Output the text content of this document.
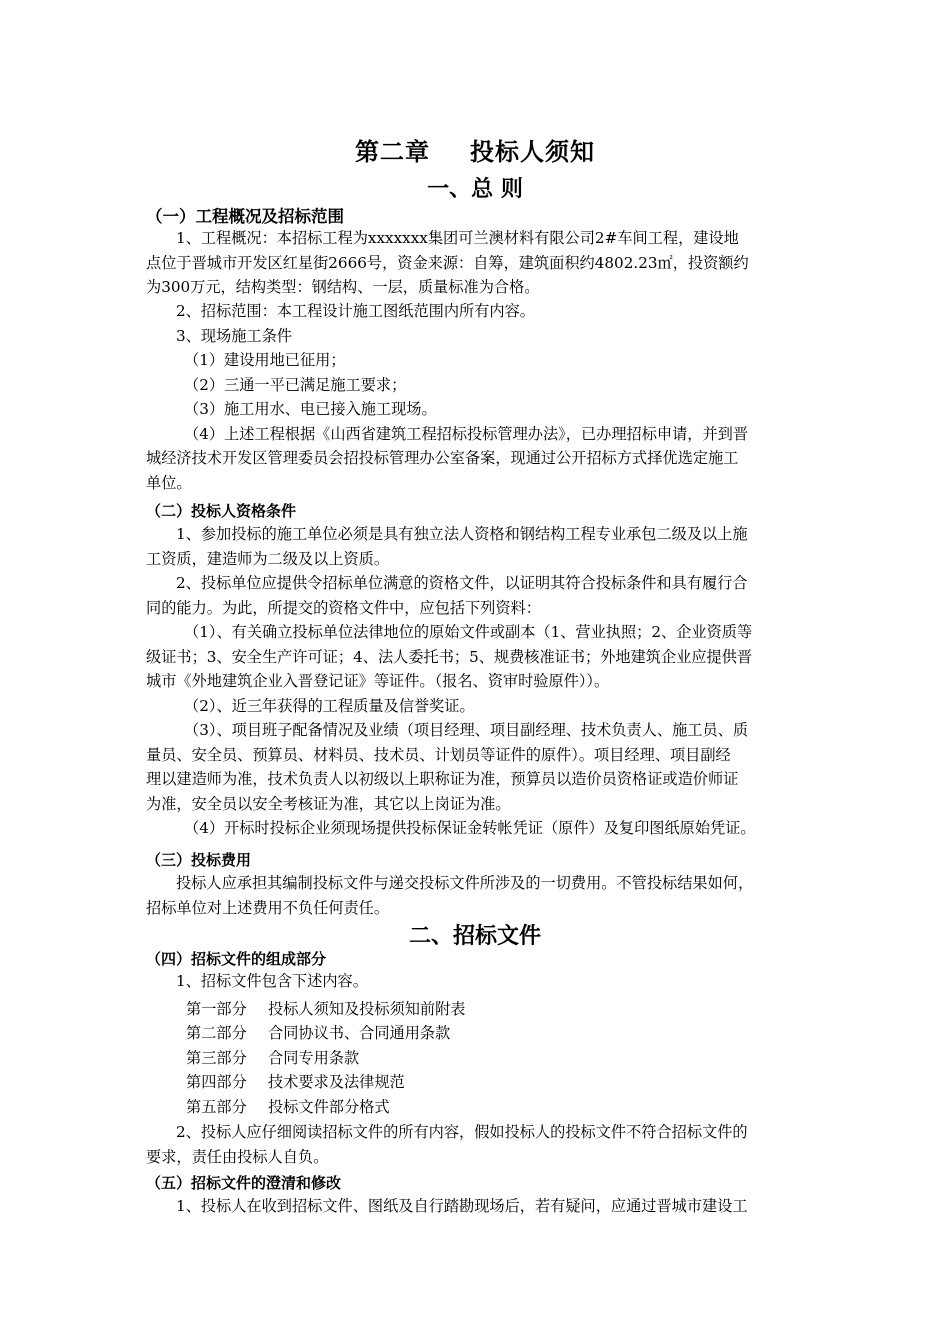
第二章 投标人须知
一、总 则
（一）工程概况及招标范围
1、工程概况：本招标工程为xxxxxxx集团可兰澳材料有限公司2#车间工程，建设地
点位于晋城市开发区红星街2666号，资金来源：自筹，建筑面积约4802.23㎡，投资额约
为300万元，结构类型：钢结构、一层，质量标准为合格。
2、招标范围：本工程设计施工图纸范围内所有内容。
3、现场施工条件
（1）建设用地已征用；
（2）三通一平已满足施工要求；
（3）施工用水、电已接入施工现场。
（4）上述工程根据《山西省建筑工程招标投标管理办法》，已办理招标申请，并到晋
城经济技术开发区管理委员会招投标管理办公室备案，现通过公开招标方式择优选定施工
单位。
（二）投标人资格条件
1、参加投标的施工单位必须是具有独立法人资格和钢结构工程专业承包二级及以上施
工资质，建造师为二级及以上资质。
2、投标单位应提供令招标单位满意的资格文件，以证明其符合投标条件和具有履行合
同的能力。为此，所提交的资格文件中，应包括下列资料：
（1）、有关确立投标单位法律地位的原始文件或副本（1、营业执照；2、企业资质等
级证书；3、安全生产许可证；4、法人委托书；5、规费核准证书；外地建筑企业应提供晋
城市《外地建筑企业入晋登记证》等证件。（报名、资审时验原件））。
（2）、近三年获得的工程质量及信誉奖证。
（3）、项目班子配备情况及业绩（项目经理、项目副经理、技术负责人、施工员、质
量员、安全员、预算员、材料员、技术员、计划员等证件的原件）。项目经理、项目副经
理以建造师为准，技术负责人以初级以上职称证为准，预算员以造价员资格证或造价师证
为准，安全员以安全考核证为准，其它以上岗证为准。
（4）开标时投标企业须现场提供投标保证金转帐凭证（原件）及复印图纸原始凭证。
（三）投标费用
投标人应承担其编制投标文件与递交投标文件所涉及的一切费用。不管投标结果如何，
招标单位对上述费用不负任何责任。
二、招标文件
（四）招标文件的组成部分
1、招标文件包含下述内容。
第一部分 投标人须知及投标须知前附表
第二部分 合同协议书、合同通用条款
第三部分 合同专用条款
第四部分 技术要求及法律规范
第五部分 投标文件部分格式
2、投标人应仔细阅读招标文件的所有内容，假如投标人的投标文件不符合招标文件的
要求，责任由投标人自负。
（五）招标文件的澄清和修改
1、投标人在收到招标文件、图纸及自行踏勘现场后，若有疑问，应通过晋城市建设工
